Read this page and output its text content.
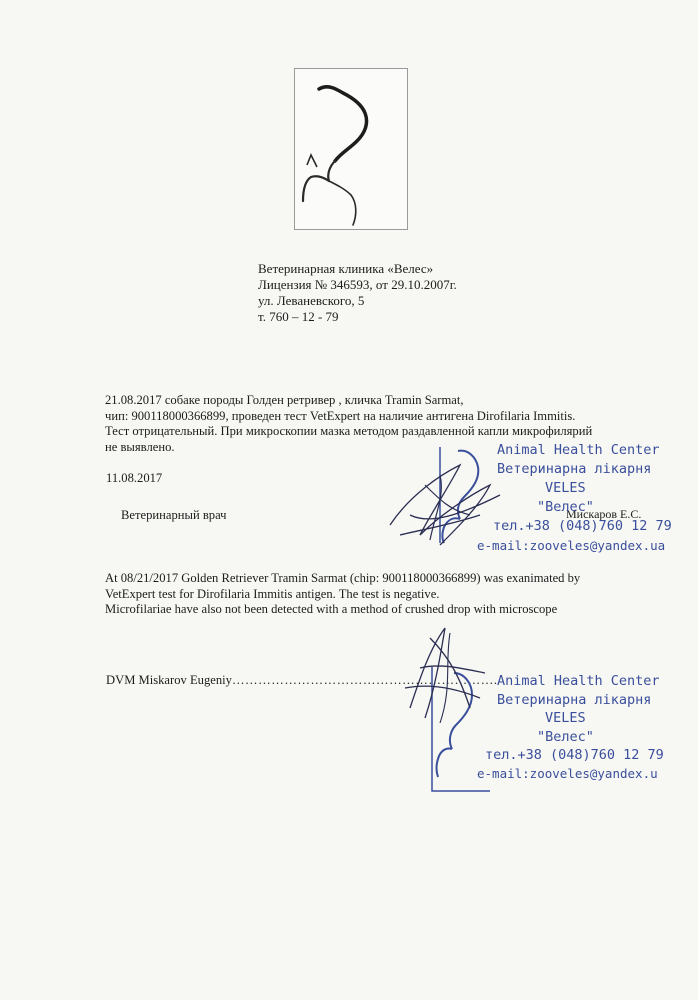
Ветеринарная клиника «Велес»
Лицензия № 346593, от 29.10.2007г.
ул. Леваневского, 5
т. 760 – 12 - 79
21.08.2017 собаке породы Голден ретривер , кличка Tramin Sarmat,
чип: 900118000366899, проведен тест VetExpert на наличие антигена Dirofilaria Immitis.
Тест отрицательный. При микроскопии мазка методом раздавленной капли микрофилярий
не выявлено.
11.08.2017
Ветеринарный врач	Мискаров Е.С.
Animal Health Center
Ветеринарна лікарня
VELES
"Велес"
тел.+38 (048)760 12 79
e-mail:zooveles@yandex.ua
At 08/21/2017 Golden Retriever Tramin Sarmat (chip: 900118000366899) was exanimated by
VetExpert test for Dirofilaria Immitis antigen. The test is negative.
Microfilariae have also not been detected with a method of crushed drop with microscope
DVM Miskarov Eugeniy……………………………………………………. Animal Health Center
Ветеринарна лікарня
VELES
"Велес"
тел.+38 (048)760 12 79
e-mail:zooveles@yandex.u
